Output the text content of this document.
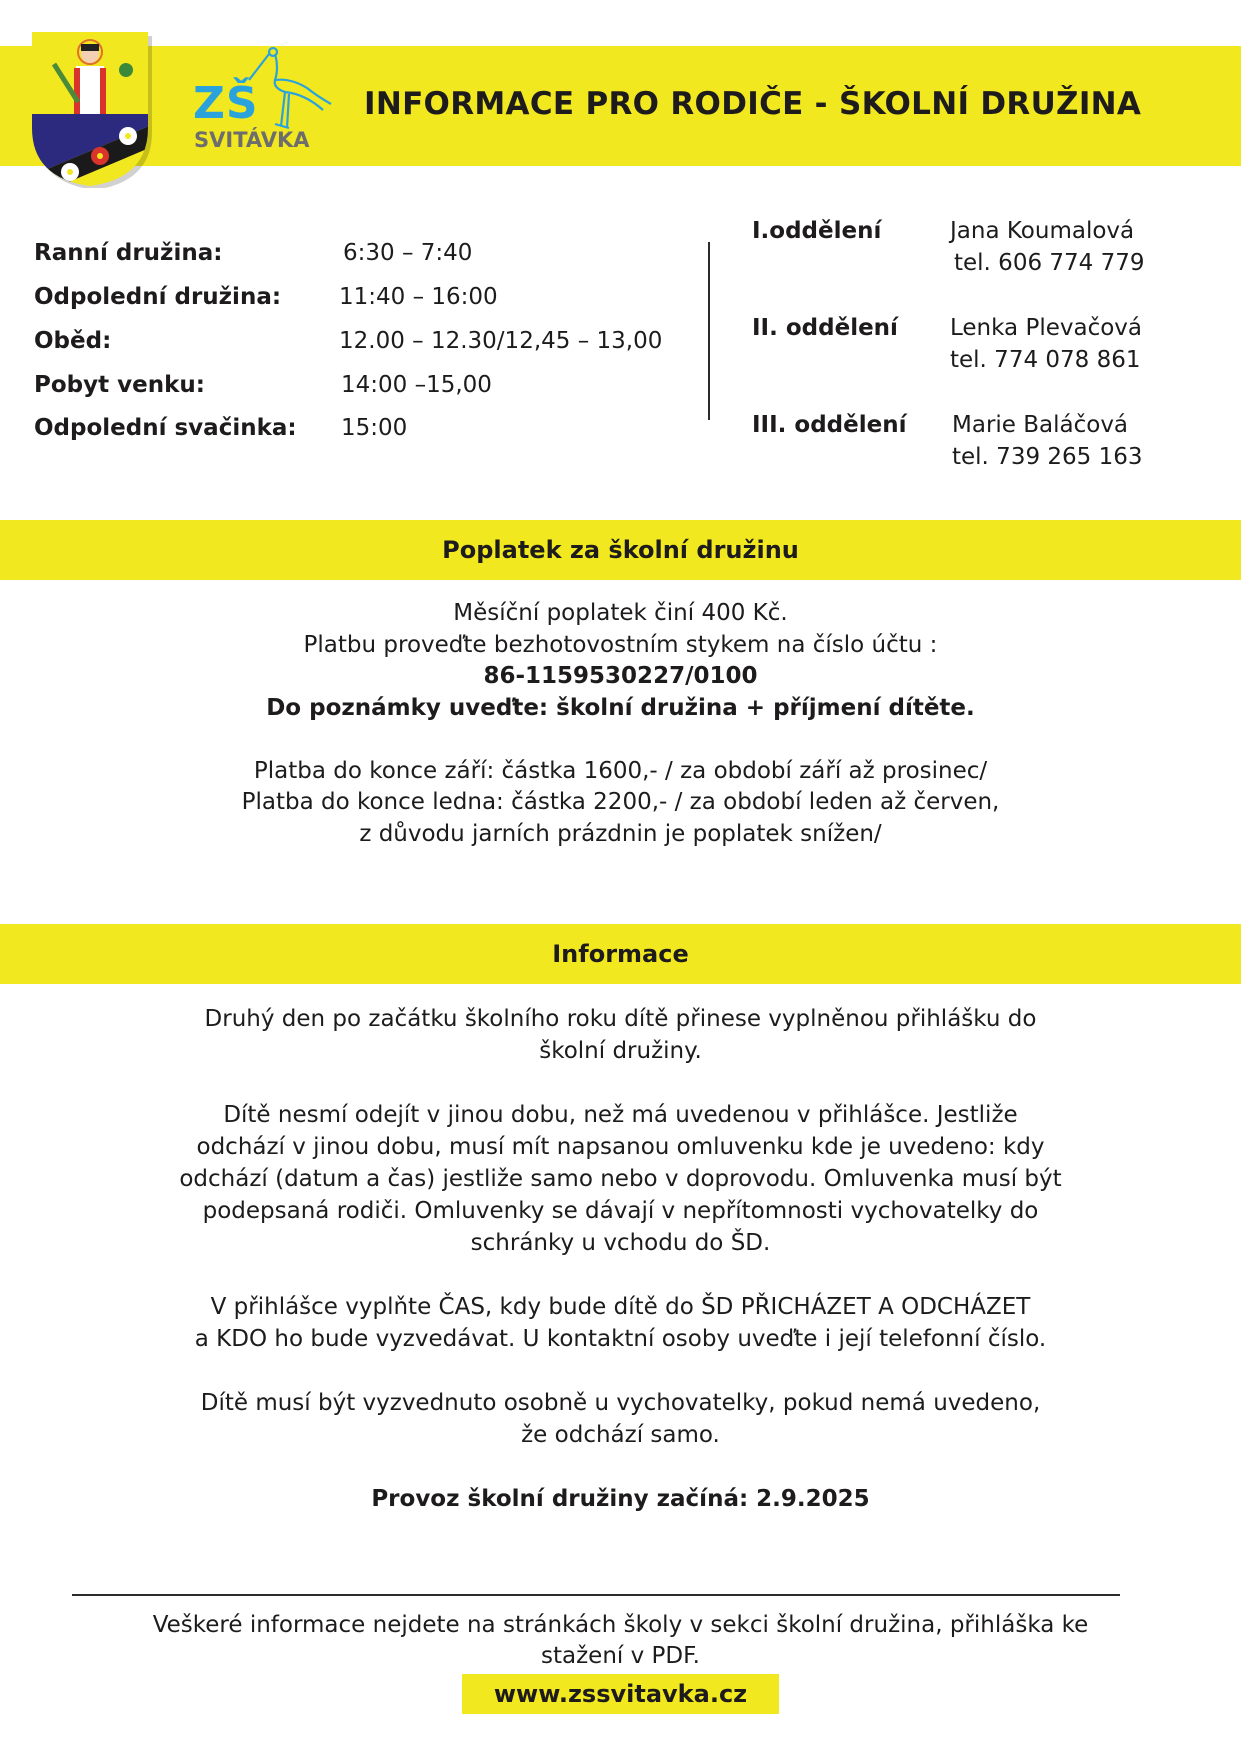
ZŠ
SVITÁVKA
INFORMACE PRO RODIČE - ŠKOLNÍ DRUŽINA
Ranní družina:	6:30 – 7:40
Odpolední družina:	11:40 – 16:00
Oběd:	12.00 – 12.30/12,45 – 13,00
Pobyt venku:	14:00 –15,00
Odpolední svačinka: 15:00
I.oddělení	Jana Koumalová
tel. 606 774 779
II. oddělení Lenka Plevačová
tel. 774 078 861
III. oddělení Marie Baláčová
tel. 739 265 163
Poplatek za školní družinu
Měsíční poplatek činí 400 Kč.
Platbu proveďte bezhotovostním stykem na číslo účtu :
86-1159530227/0100
Do poznámky uveďte: školní družina + příjmení dítěte.
Platba do konce září: částka 1600,- / za období září až prosinec/
Platba do konce ledna: částka 2200,- / za období leden až červen,
z důvodu jarních prázdnin je poplatek snížen/
Informace
Druhý den po začátku školního roku dítě přinese vyplněnou přihlášku do
školní družiny.
Dítě nesmí odejít v jinou dobu, než má uvedenou v přihlášce. Jestliže
odchází v jinou dobu, musí mít napsanou omluvenku kde je uvedeno: kdy
odchází (datum a čas) jestliže samo nebo v doprovodu. Omluvenka musí být
podepsaná rodiči. Omluvenky se dávají v nepřítomnosti vychovatelky do
schránky u vchodu do ŠD.
V přihlášce vyplňte ČAS, kdy bude dítě do ŠD PŘICHÁZET A ODCHÁZET
a KDO ho bude vyzvedávat. U kontaktní osoby uveďte i její telefonní číslo.
Dítě musí být vyzvednuto osobně u vychovatelky, pokud nemá uvedeno,
že odchází samo.
Provoz školní družiny začíná: 2.9.2025
Veškeré informace nejdete na stránkách školy v sekci školní družina, přihláška ke
stažení v PDF.
www.zssvitavka.cz
